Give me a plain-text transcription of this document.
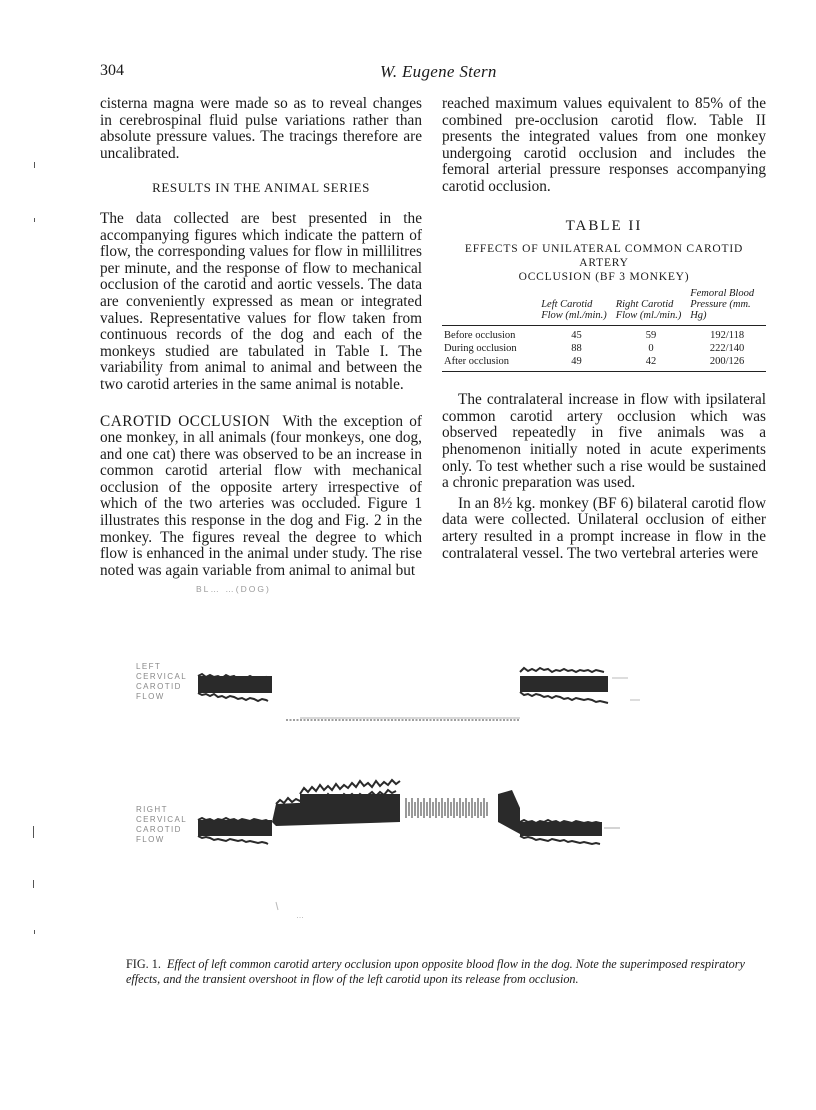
304	W. Eugene Stern

cisterna magna were made so as to reveal changes in cerebrospinal fluid pulse variations rather than absolute pressure values. The tracings therefore are uncalibrated.

RESULTS IN THE ANIMAL SERIES

The data collected are best presented in the accompanying figures which indicate the pattern of flow, the corresponding values for flow in millilitres per minute, and the response of flow to mechanical occlusion of the carotid and aortic vessels. The data are conveniently expressed as mean or integrated values. Representative values for flow taken from continuous records of the dog and each of the monkeys studied are tabulated in Table I. The variability from animal to animal and between the two carotid arteries in the same animal is notable.

CAROTID OCCLUSION With the exception of one monkey, in all animals (four monkeys, one dog, and one cat) there was observed to be an increase in common carotid arterial flow with mechanical occlusion of the opposite artery irrespective of which of the two arteries was occluded. Figure 1 illustrates this response in the dog and Fig. 2 in the monkey. The figures reveal the degree to which flow is enhanced in the animal under study. The rise noted was again variable from animal to animal but

reached maximum values equivalent to 85% of the combined pre-occlusion carotid flow. Table II presents the integrated values from one monkey undergoing carotid occlusion and includes the femoral arterial pressure responses accompanying carotid occlusion.

TABLE II
EFFECTS OF UNILATERAL COMMON CAROTID ARTERY
OCCLUSION (BF 3 MONKEY)
	Left Carotid Flow (ml./min.)	Right Carotid Flow (ml./min.)	Femoral Blood Pressure (mm. Hg)
Before occlusion	45	59	192/118
During occlusion	88	0	222/140
After occlusion	49	42	200/126

The contralateral increase in flow with ipsilateral common carotid artery occlusion which was observed repeatedly in five animals was a phenomenon initially noted in acute experiments only. To test whether such a rise would be sustained a chronic preparation was used.

In an 8½ kg. monkey (BF 6) bilateral carotid flow data were collected. Unilateral occlusion of either artery resulted in a prompt increase in flow in the contralateral vessel. The two vertebral arteries were

BL… …(DOG)
LEFT
CERVICAL
CAROTID
FLOW
RIGHT
CERVICAL
CAROTID
FLOW
…
FIG. 1. Effect of left common carotid artery occlusion upon opposite blood flow in the dog. Note the superimposed respiratory effects, and the transient overshoot in flow of the left carotid upon its release from occlusion.
